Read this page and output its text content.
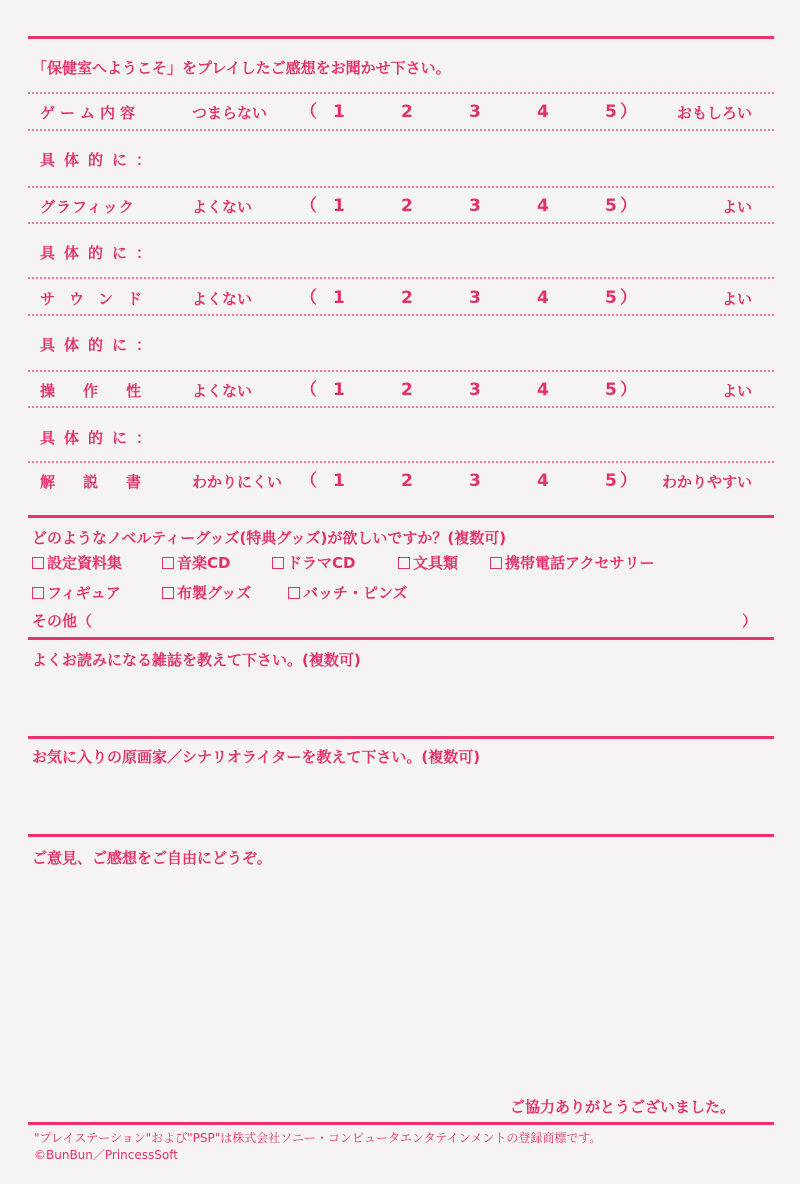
「保健室へようこそ」をプレイしたご感想をお聞かせ下さい。
ゲーム内容	つまらない （ 1	2	3	4	5 ）	おもしろい
具体的に：
グラフィック	よくない	（ 1	2	3	4	5 ）	よい
具体的に：
サウンド よくない	（ 1	2	3	4	5 ）	よい
具体的に：
操作性 よくない	（ 1	2	3	4	5 ）	よい
具体的に：
解説書 わかりにくい （ 1	2	3	4	5 ）	わかりやすい
どのようなノベルティーグッズ(特典グッズ)が欲しいですか？(複数可)
設定資料集	音楽CD	ドラマCD	文具類	携帯電話アクセサリー
フィギュア	布製グッズ	バッチ・ピンズ
その他（	）
よくお読みになる雑誌を教えて下さい。(複数可)
お気に入りの原画家／シナリオライターを教えて下さい。(複数可)
ご意見、ご感想をご自由にどうぞ。
ご協力ありがとうございました。
"プレイステーション"および"PSP"は株式会社ソニー・コンピュータエンタテインメントの登録商標です。
©BunBun／PrincessSoft
